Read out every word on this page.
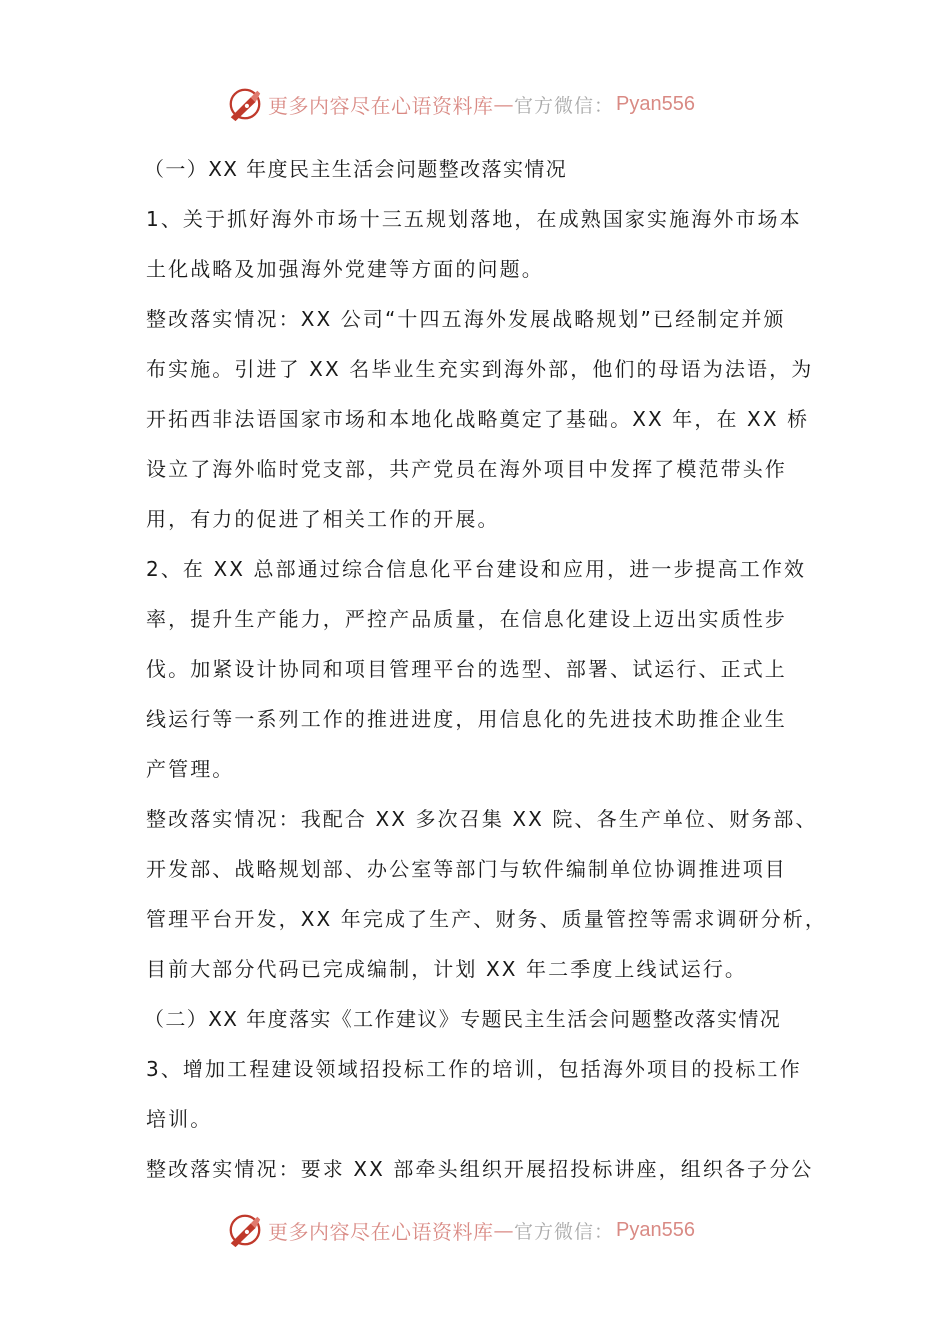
更多内容尽在心语资料库 — 官方微信： Pyan556
（一）XX 年度民主生活会问题整改落实情况
1、关于抓好海外市场十三五规划落地，在成熟国家实施海外市场本
土化战略及加强海外党建等方面的问题。
整改落实情况：XX 公司“十四五海外发展战略规划”已经制定并颁
布实施。引进了 XX 名毕业生充实到海外部，他们的母语为法语，为
开拓西非法语国家市场和本地化战略奠定了基础。XX 年，在 XX 桥
设立了海外临时党支部，共产党员在海外项目中发挥了模范带头作
用，有力的促进了相关工作的开展。
2、在 XX 总部通过综合信息化平台建设和应用，进一步提高工作效
率，提升生产能力，严控产品质量，在信息化建设上迈出实质性步
伐。加紧设计协同和项目管理平台的选型、部署、试运行、正式上
线运行等一系列工作的推进进度，用信息化的先进技术助推企业生
产管理。
整改落实情况：我配合 XX 多次召集 XX 院、各生产单位、财务部、
开发部、战略规划部、办公室等部门与软件编制单位协调推进项目
管理平台开发，XX 年完成了生产、财务、质量管控等需求调研分析，
目前大部分代码已完成编制，计划 XX 年二季度上线试运行。
（二）XX 年度落实《工作建议》专题民主生活会问题整改落实情况
3、增加工程建设领域招投标工作的培训，包括海外项目的投标工作
培训。
整改落实情况：要求 XX 部牵头组织开展招投标讲座，组织各子分公
更多内容尽在心语资料库 — 官方微信： Pyan556
